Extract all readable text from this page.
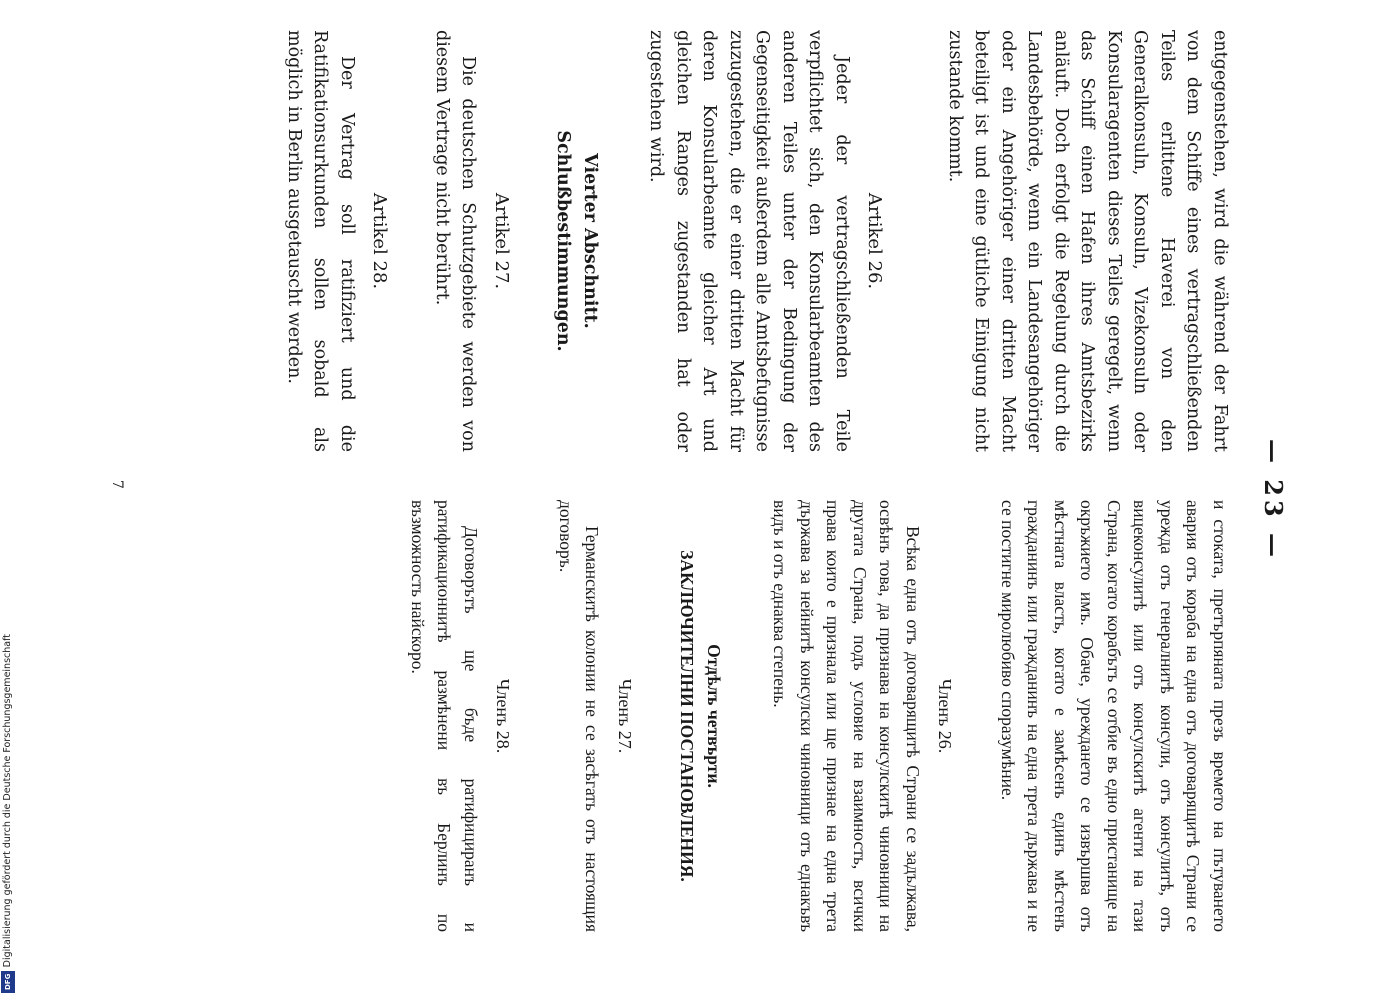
— 23 —

entgegenstehen, wird die während der Fahrt von dem Schiffe eines vertragschließenden Teiles erlittene Haverei von den Generalkonsuln, Konsuln, Vizekonsuln oder Konsularagenten dieses Teiles geregelt, wenn das Schiff einen Hafen ihres Amtsbezirks anläuft. Doch erfolgt die Regelung durch die Landesbehörde, wenn ein Landesangehöriger oder ein Angehöriger einer dritten Macht beteiligt ist und eine gütliche Einigung nicht zustande kommt.

Artikel 26.

Jeder der vertragschließenden Teile verpflichtet sich, den Konsularbeamten des anderen Teiles unter der Bedingung der Gegenseitigkeit außerdem alle Amtsbefugnisse zuzugestehen, die er einer dritten Macht für deren Konsularbeamte gleicher Art und gleichen Ranges zugestanden hat oder zugestehen wird.

Vierter Abschnitt.

Schlußbestimmungen.

Artikel 27.

Die deutschen Schutzgebiete werden von diesem Vertrage nicht berührt.

Artikel 28.

Der Vertrag soll ratifiziert und die Ratifikationsurkunden sollen sobald als möglich in Berlin ausgetauscht werden.

и стоката, претърпяната презъ времето на пътуването авария отъ кораба на една отъ договарящитѣ Страни се урежда отъ генералнитѣ консули, отъ консулитѣ, отъ вицеконсулитѣ или отъ консулскитѣ агенти на тази Страна, когато корабътъ се отбие въ едно пристанище на окръжието имъ. Обаче, уреждането се извършва отъ мѣстната власть, когато е замѣсенъ единъ мѣстенъ гражданинъ или гражданинъ на една трета държава и не се постигне миролюбиво споразумѣние.

Членъ 26.

Всѣка една отъ договарящитѣ Страни се задължава, освѣнъ това, да признава на консулскитѣ чиновници на другата Страна, подъ условие на взаимность, всички права които е признала или ще признае на една трета държава за нейнитѣ консулски чиновници отъ еднакъвъ видъ и отъ еднаква степень.

Отдѣлъ четвърти.

ЗАКЛЮЧИТЕЛНИ ПОСТАНОВЛЕНИЯ.

Членъ 27.

Германскитѣ колонии не се засѣгать отъ настоящия договоръ.

Членъ 28.

Договорътъ ще бъде ратифициранъ и ратификационнитѣ размѣнени въ Берлинъ по възможность найскоро.

7
Digitalisierung gefördert durch die Deutsche Forschungsgemeinschaft
DFG
